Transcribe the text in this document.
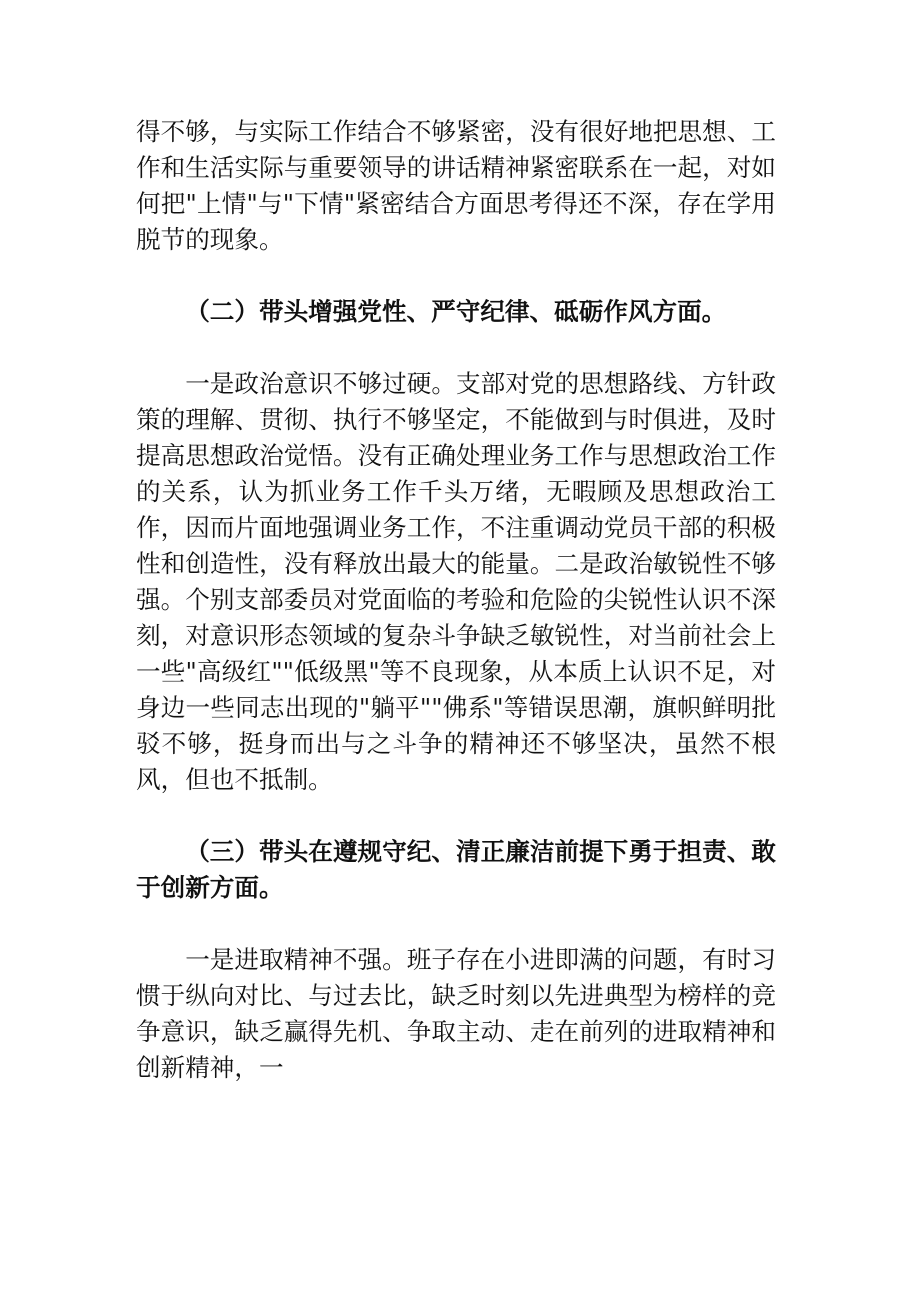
得不够，与实际工作结合不够紧密，没有很好地把思想、工作和生活实际与重要领导的讲话精神紧密联系在一起，对如何把"上情"与"下情"紧密结合方面思考得还不深，存在学用脱节的现象。

（二）带头增强党性、严守纪律、砥砺作风方面。

一是政治意识不够过硬。支部对党的思想路线、方针政策的理解、贯彻、执行不够坚定，不能做到与时俱进，及时提高思想政治觉悟。没有正确处理业务工作与思想政治工作的关系，认为抓业务工作千头万绪，无暇顾及思想政治工作，因而片面地强调业务工作，不注重调动党员干部的积极性和创造性，没有释放出最大的能量。二是政治敏锐性不够强。个别支部委员对党面临的考验和危险的尖锐性认识不深刻，对意识形态领域的复杂斗争缺乏敏锐性，对当前社会上一些"高级红""低级黑"等不良现象，从本质上认识不足，对身边一些同志出现的"躺平""佛系"等错误思潮，旗帜鲜明批驳不够，挺身而出与之斗争的精神还不够坚决，虽然不根风，但也不抵制。

（三）带头在遵规守纪、清正廉洁前提下勇于担责、敢于创新方面。

一是进取精神不强。班子存在小进即满的问题，有时习惯于纵向对比、与过去比，缺乏时刻以先进典型为榜样的竞争意识，缺乏赢得先机、争取主动、走在前列的进取精神和创新精神，一
